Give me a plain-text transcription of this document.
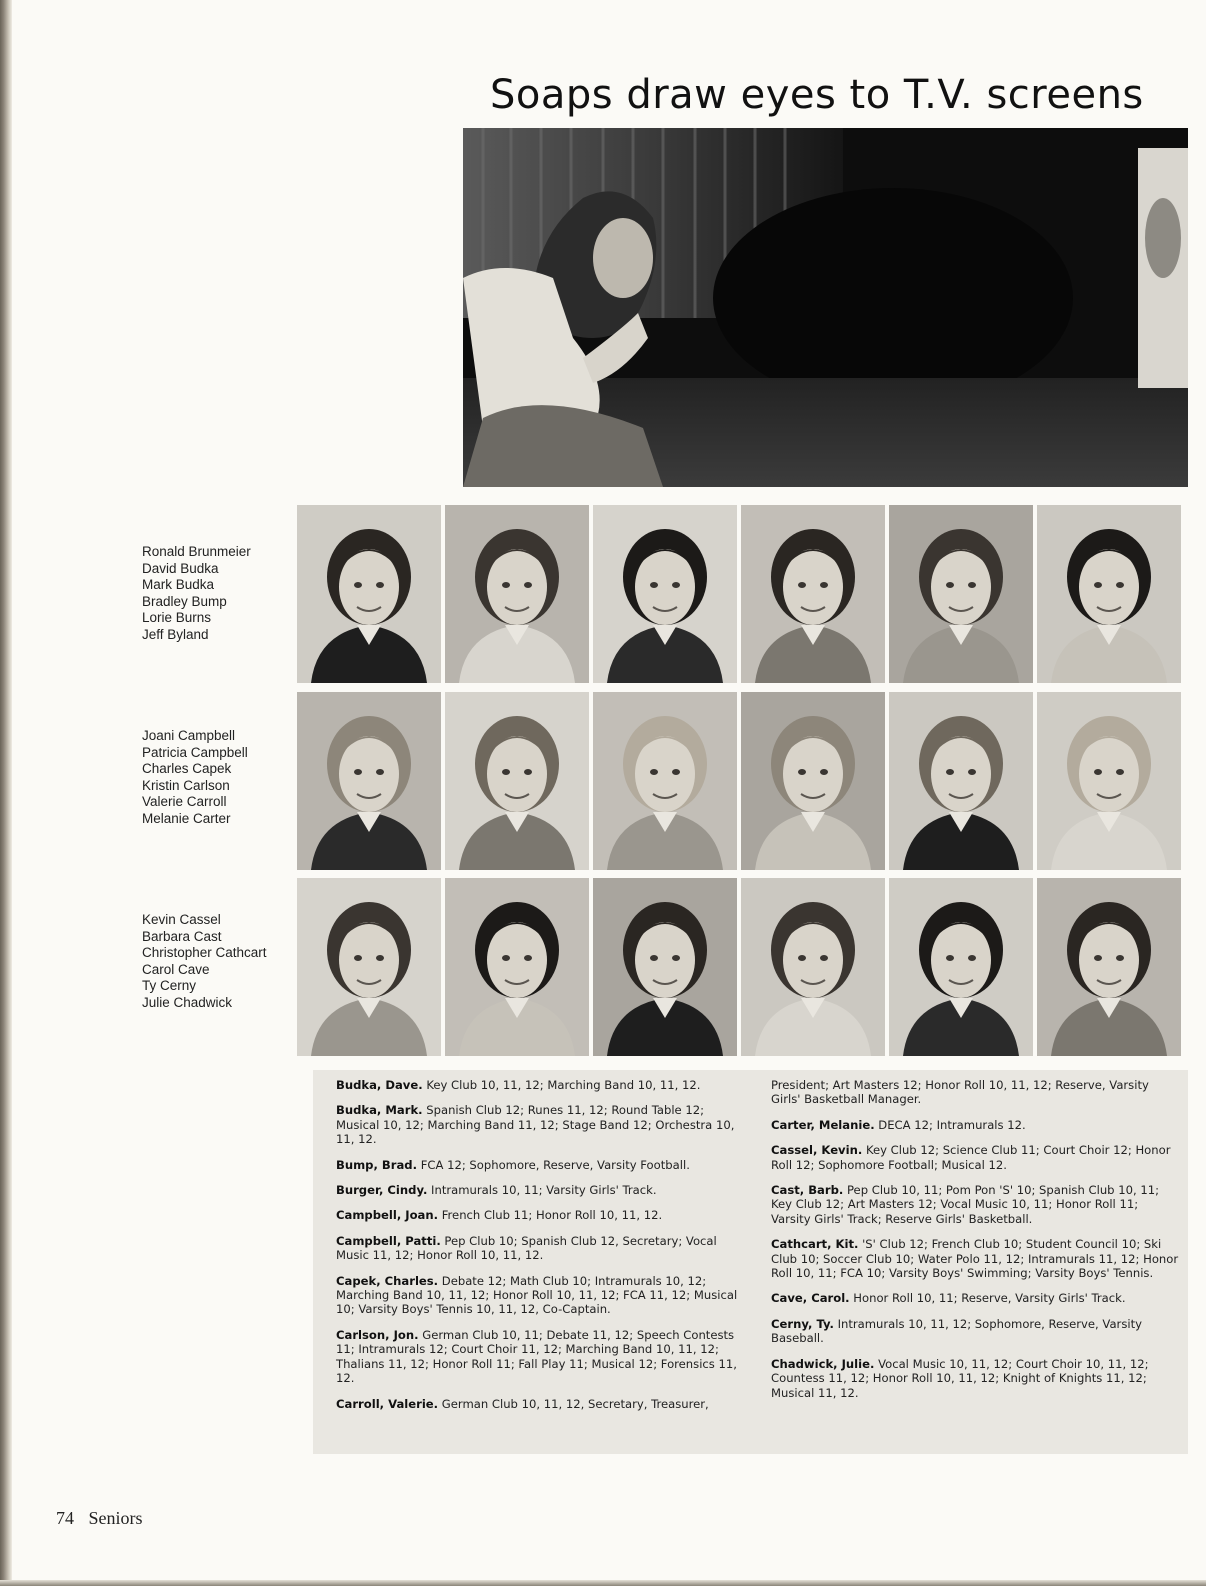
Soaps draw eyes to T.V. screens
Ronald Brunmeier
David Budka
Mark Budka
Bradley Bump
Lorie Burns
Jeff Byland
Joani Campbell
Patricia Campbell
Charles Capek
Kristin Carlson
Valerie Carroll
Melanie Carter
Kevin Cassel
Barbara Cast
Christopher Cathcart
Carol Cave
Ty Cerny
Julie Chadwick
Budka, Dave. Key Club 10, 11, 12; Marching Band 10, 11, 12.
Budka, Mark. Spanish Club 12; Runes 11, 12; Round Table 12; Musical 10, 12; Marching Band 11, 12; Stage Band 12; Orchestra 10, 11, 12.
Bump, Brad. FCA 12; Sophomore, Reserve, Varsity Football.
Burger, Cindy. Intramurals 10, 11; Varsity Girls' Track.
Campbell, Joan. French Club 11; Honor Roll 10, 11, 12.
Campbell, Patti. Pep Club 10; Spanish Club 12, Secretary; Vocal Music 11, 12; Honor Roll 10, 11, 12.
Capek, Charles. Debate 12; Math Club 10; Intramurals 10, 12; Marching Band 10, 11, 12; Honor Roll 10, 11, 12; FCA 11, 12; Musical 10; Varsity Boys' Tennis 10, 11, 12, Co-Captain.
Carlson, Jon. German Club 10, 11; Debate 11, 12; Speech Contests 11; Intramurals 12; Court Choir 11, 12; Marching Band 10, 11, 12; Thalians 11, 12; Honor Roll 11; Fall Play 11; Musical 12; Forensics 11, 12.
Carroll, Valerie. German Club 10, 11, 12, Secretary, Treasurer,
President; Art Masters 12; Honor Roll 10, 11, 12; Reserve, Varsity Girls' Basketball Manager.
Carter, Melanie. DECA 12; Intramurals 12.
Cassel, Kevin. Key Club 12; Science Club 11; Court Choir 12; Honor Roll 12; Sophomore Football; Musical 12.
Cast, Barb. Pep Club 10, 11; Pom Pon 'S' 10; Spanish Club 10, 11; Key Club 12; Art Masters 12; Vocal Music 10, 11; Honor Roll 11; Varsity Girls' Track; Reserve Girls' Basketball.
Cathcart, Kit. 'S' Club 12; French Club 10; Student Council 10; Ski Club 10; Soccer Club 10; Water Polo 11, 12; Intramurals 11, 12; Honor Roll 10, 11; FCA 10; Varsity Boys' Swimming; Varsity Boys' Tennis.
Cave, Carol. Honor Roll 10, 11; Reserve, Varsity Girls' Track.
Cerny, Ty. Intramurals 10, 11, 12; Sophomore, Reserve, Varsity Baseball.
Chadwick, Julie. Vocal Music 10, 11, 12; Court Choir 10, 11, 12; Countess 11, 12; Honor Roll 10, 11, 12; Knight of Knights 11, 12; Musical 11, 12.
74 Seniors
